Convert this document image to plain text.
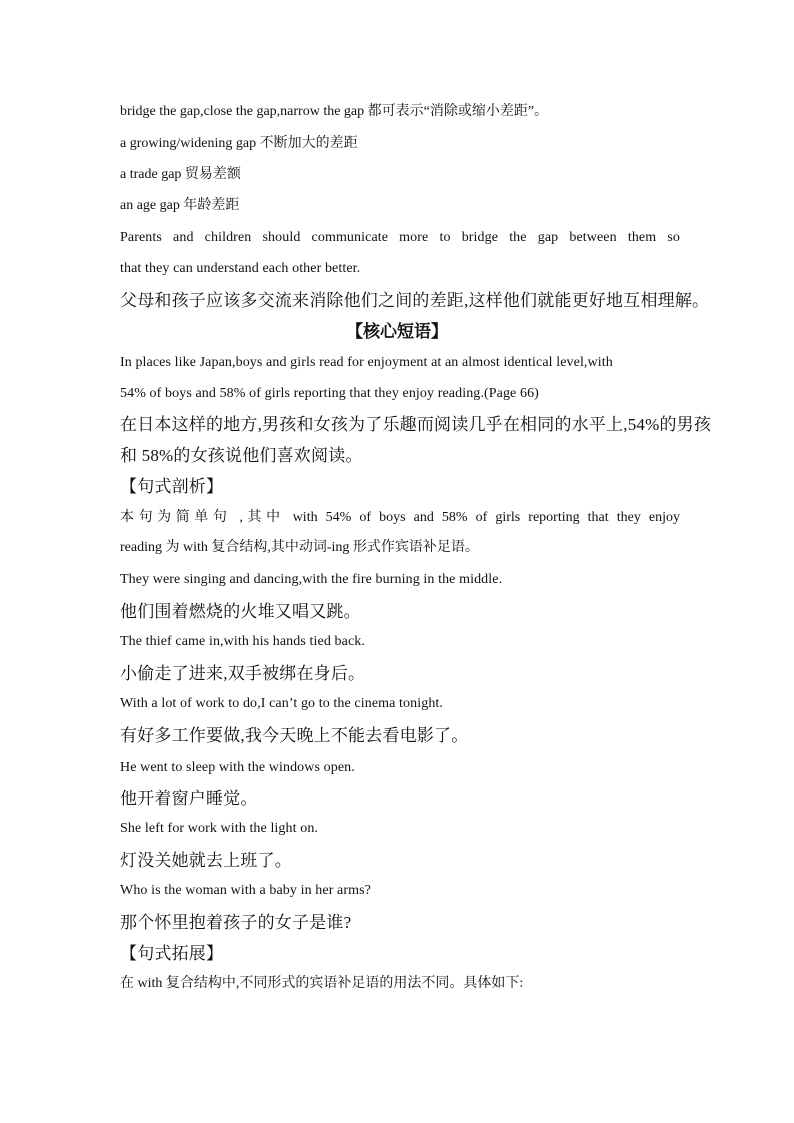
bridge the gap,close the gap,narrow the gap 都可表示“消除或缩小差距”。
a growing/widening gap 不断加大的差距
a trade gap 贸易差额
an age gap 年龄差距
Parents and children should communicate more to bridge the gap between them so
that they can understand each other better.
父母和孩子应该多交流来消除他们之间的差距,这样他们就能更好地互相理解。
【核心短语】
In places like Japan,boys and girls read for enjoyment at an almost identical level,with
54% of boys and 58% of girls reporting that they enjoy reading.(Page 66)
在日本这样的地方,男孩和女孩为了乐趣而阅读几乎在相同的水平上,54%的男孩
和 58%的女孩说他们喜欢阅读。
【句式剖析】
本句为简单句 ,其中 with 54% of boys and 58% of girls reporting that they enjoy
reading 为 with 复合结构,其中动词-ing 形式作宾语补足语。
They were singing and dancing,with the fire burning in the middle.
他们围着燃烧的火堆又唱又跳。
The thief came in,with his hands tied back.
小偷走了进来,双手被绑在身后。
With a lot of work to do,I can’t go to the cinema tonight.
有好多工作要做,我今天晚上不能去看电影了。
He went to sleep with the windows open.
他开着窗户睡觉。
She left for work with the light on.
灯没关她就去上班了。
Who is the woman with a baby in her arms?
那个怀里抱着孩子的女子是谁?
【句式拓展】
在 with 复合结构中,不同形式的宾语补足语的用法不同。具体如下:
